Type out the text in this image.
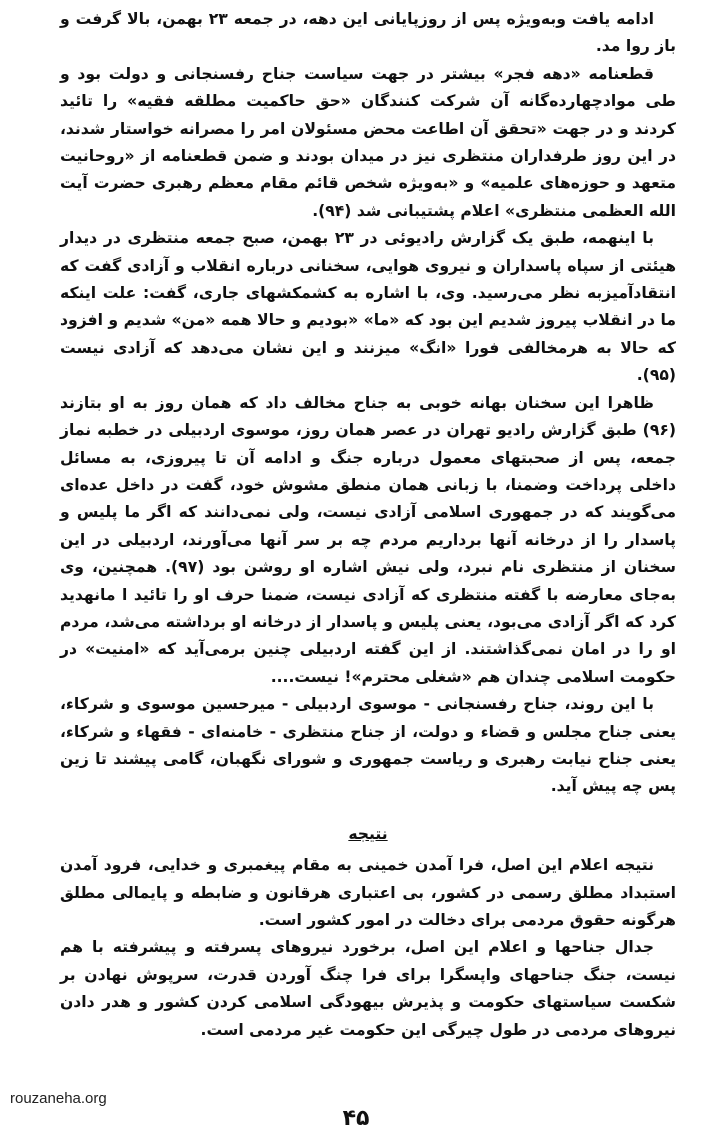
ادامه یافت وبه‌ویژه پس از روزپایانی این دهه، در جمعه ۲۳ بهمن، بالا گرفت و باز روا مد.

قطعنامه «دهه فجر» بیشتر در جهت سیاست جناح رفسنجانی و دولت بود و طی موادچهارده‌گانه آن شرکت کنندگان «حق حاکمیت مطلقه فقیه» را تائید کردند و در جهت «تحقق آن اطاعت محض مسئولان امر را مصرانه خواستار شدند، در این روز طرفداران منتظری نیز در میدان بودند و ضمن قطعنامه از «روحانیت متعهد و حوزه‌های علمیه» و «به‌ویژه شخص قائم مقام معظم رهبری حضرت آیت الله العظمی منتظری» اعلام پشتیبانی شد (۹۴).

با اینهمه، طبق یک گزارش رادیوئی در ۲۳ بهمن، صبح جمعه منتظری در دیدار هیئتی از سپاه پاسداران و نیروی هوایی، سخنانی درباره انقلاب و آزادی گفت که انتقادآمیزبه نظر می‌رسید. وی، با اشاره به کشمکشهای جاری، گفت: علت اینکه ما در انقلاب پیروز شدیم این بود که «ما» «بودیم و حالا همه «من» شدیم و افزود که حالا به هرمخالفی فورا «انگ» میزنند و این نشان می‌دهد که آزادی نیست (۹۵).

ظاهرا این سخنان بهانه خوبی به جناح مخالف داد که همان روز به او بتازند (۹۶) طبق گزارش رادیو تهران در عصر همان روز، موسوی اردبیلی در خطبه نماز جمعه، پس از صحبتهای معمول درباره جنگ و ادامه آن تا پیروزی، به مسائل داخلی پرداخت وضمنا، با زبانی همان منطق مشوش خود، گفت در داخل عده‌ای می‌گویند که در جمهوری اسلامی آزادی نیست، ولی نمی‌دانند که اگر ما پلیس و پاسدار را از درخانه آنها برداریم مردم چه بر سر آنها می‌آورند، اردبیلی در این سخنان از منتظری نام نبرد، ولی نیش اشاره او روشن بود (۹۷). همچنین، وی به‌جای معارضه با گفته منتظری که آزادی نیست، ضمنا حرف او را تائید ا مانهدید کرد که اگر آزادی می‌بود، یعنی پلیس و پاسدار از درخانه او برداشته می‌شد، مردم او را در امان نمی‌گذاشتند. از این گفته اردبیلی چنین برمی‌آید که «امنیت» در حکومت اسلامی چندان هم «شغلی محترم»! نیست....

با این روند، جناح رفسنجانی - موسوی اردبیلی - میرحسین موسوی و شرکاء، یعنی جناح مجلس و قضاء و دولت، از جناح منتظری - خامنه‌ای - فقهاء و شرکاء، یعنی جناح نیابت رهبری و ریاست جمهوری و شورای نگهبان، گامی پیشند تا زین پس چه پیش آید.

نتیجه

نتیجه اعلام این اصل، فرا آمدن خمینی به مقام پیغمبری و خدایی، فرود آمدن استبداد مطلق رسمی در کشور، بی اعتباری هرقانون و ضابطه و پایمالی مطلق هرگونه حقوق مردمی برای دخالت در امور کشور است.

جدال جناحها و اعلام این اصل، برخورد نیروهای پسرفته و پیشرفته با هم نیست، جنگ جناحهای واپسگرا برای فرا چنگ آوردن قدرت، سرپوش نهادن بر شکست سیاستهای حکومت و پذیرش بیهودگی اسلامی کردن کشور و هدر دادن نیروهای مردمی در طول چیرگی این حکومت غیر مردمی است.

rouzaneha.org
۴۵
